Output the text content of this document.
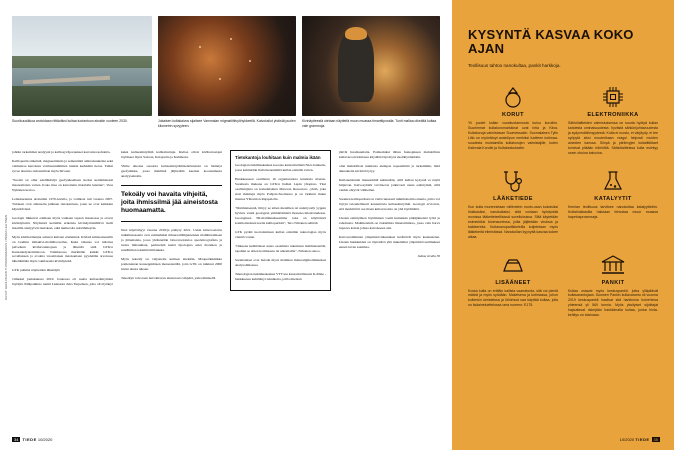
Suurikuusikkoa arvioidaan riittäväksi kultaa tuotantoon ainakin vuoteen 2030.	Jokaisen kultakaivos sijaitsee Vammalan migmatiittivyöhykkeellä. Kaivoksilot yhdistä puolen kilometrin syvyyteen.
Kivinäytteestä otetaan näytteitä muun muassa timanttiporalla. Tunti mallaa oikeältä kultaa vain grammoja.

johtiin tarkemmat analyysit ja kalliosyväporaukset kasvattaa kohdetta.

Kallioperän sitkeintä, magneettisinia ja sementintä ominaisuuksina sekä vaimentaa kerroksia voimaanruhtimen tuiskia kerkkään tietoa. Tuikit syvaa aluettaa tarkastellaan myös hiivaan.

"Suomi on ollut edelläkävijä geofysikaalisen tiedon keräämisessä maanomaista varten. Koko maa on kartoitettu matalalla lennäen", Vesa Nykänen kertoo.

Lemokaruutus aloitettiin 1970-luvulla, ja valmista tuli vuonna 2007. Tulokset ovat allensettu julkisen tietokantaan, joten ne ovat kaikkien käytettävissä.

Geologit liikkuvat edelleen myös vanhaan tapaan maastossa ja otavat kivinäytteitä. Näytteistä kerätään erikoisia kivinäyttönäälitvä tiedä maatilla analyytvät tuulokset, eikä numerolta sekväämeyrin.

Myös kivitharmanjat autterat kultaan etsinnässä. Kivistä kiinnostuneilla on laadittu Omakivi-mobiilisovellus. Kuka tahansa voi tallettaa palveluun kivihavainnojaan ja lähettää siitä GTK:n Kansanndyntoimistoon. Toimistossa merkitään kaikki GTK:n sovelluksen ja avointa vuosittaisen tietokantaan pyydetään arvoissaa lähettämään myös vamiasaala kivinäyteitä.

GTK palkitsi näytteiden lähettäjiä

viimeksi joulukuussa 2019. Joukossa oli aseita kultaesiintymien löytäjiä. Päälpaikinto niemi Lieksasta Juha Turpeinen, jolta oli löytänyt kaksi kultaesiintymää kalliomurtuja. Kultaa olivat kiviharrastajat löytäneet myös Salosta, Kalajoelta ja Kuhmosta.

Viime aikoina suosiota kultaesiintytämisentönteissä on lisännyt geofysiikka, jossa maiminä jäljitetään kaerien koonsumasta analyyseinalla.

Tekoäly voi havaita vihjeitä, joita ihmissilmä jää aineistosta huomaamatta.

Nest käyttömyyt vuonna 2018:ja päätyry 2021. Uusia kitnovostavia tutkimusaasatta ovat esimerkiksi mineraalilähjenteisien mahilintamisen ja jättamaisia, jossa yhdistetään laboratoriotulos speckttrografista ja tuotta mittaukisia, perinteistä kentä ilpologiaa sekä dronnien ja satelliittien tekemiä mittauksia.

Myös tekoäly on valjastettu kultaan sitekään. Maaperänkiitkka pomerennan konseppimisen menestestiltä, jotta GTK on tutkinut 2000 luvun alusta alkaen.

Tekoälyn toivotaan harvahtavan aineistosta vihjeitä, jotka ihmisellä

Tietokantoja louhitaan kuin malmia ikään

Geologian tutkimuskeskus koostaa kansainvälistä Nice-hanketta, jossa kehitetään lisää menetelmiä kullan etsintää varten.

Hankkeeseen osallistuu 16 organisaatiota kuudesta maasta. Suomesta mukana on GTK:n lisäksi Lapin yliopisto. Yksi osallistujista on kanadalainen Mawson Resources -yhtiö, joka etsii malmeja myös Pohjois-Suomessa ja on tarkinut muun muassa Ylitornion Rajapalolla.

"Malmietsennä, liittyy se sitten metallien tai uulattyoidy yyppin hyvinä, vaatii geologian ymmärtämistä monenocaiietavuudessa. Geologinen 3D-mallinnukseemme toiss on käyttöinvä koimiointoinen kartta kallioperästä", Tero Niiranen selittää.

GTK pyrkii tuottoitamaan kullan etsintäin teknologiaa myös vientiä varten.

"Oikeena kehittäiseet uusta osaamista tukemaan malmietsentää, tapahtui se sitten kotimaassa tai ulkomailla", Niiranen sanoo.

Suomalaiset ovat halodu myös malmien minerailgthoimiuksissi analysoimisessa.

Teknologian tutkimuskeskus VTT:ssa kansainvälisessä K-Mine -hankkeessa kehittänyt teknikoita, joilla mielaan

jäävät huomaamatta. Esimerkiksi tältun fuskojaksen mahdollisia kultavaroarvioimassa käydään läpi myös ekolähyöintäalla.

olisi mahdollista tunnistaa aiempaa nopeammin ja tarkemmin, mitä alkuaineita kivistä löytyy.

Kullanetsinnän menetelmiä kehitetään, sillä kullan kysyntä ei näytä hiipuvan. Kaivosyhtiöt tarvitsevat jatkuvasti uusia esiintymiä, sillä vanhat ehtyvät vähitellen.

Suomen kallioperässä on vielä runsaasti tutkimattomia alueita, joilta voi löytyä taloudellisesti kannattavia kultaesiintymiä. Geologit arvioivat, että merkittävä osa maan kultavaroista on yhä löytämättä.

Uusien esiintymien löytäminen vaatii kuitenkin pitkäjänteistä työtä ja rahoitusta. Malmietsintä on riskialtista liiketoimintaa, jossa vain harva lupaava kohde johtaa kaivokseen asti.

Kaivostoiminnan ympäristövaikutukset herättävät myös keskustelua. Uusien hankkeiden on täytettävä yhä tiukemmat ympäristövaatimukset ennen luvan saamista.

Jatkuu sivulla 36

KUVAT: GEOLOGIAN TUTKIMUSKESKUS / PEKKA LEHTINEN
34 TIEDE 10/2020
KYSYNTÄ KASVAA KOKO AJAN
Teollisuus tahtoo nanokultaa, pankit harkkoja.
KORUT
Yli puolet kullan vuosituotannosta kuluu koruihin. Suurimmat kultakorumarkkinat ovat Intia ja Kiina. Kultakoruja valmistavan Suomessakin. Suomalaisen Tylin Litto on myöntänyt avainlipun merkiksi tuotteen kotimaasuudesta muistamilla kultakorujen valmistajille, kuten Kalevala Korulle ja Kultakeskukselle.
ELEKTRONIIKKA
Sähkölaitteiden valmistuksessa on suurta hyötyä kullan kahdesta ominaisuudesta: hyvästä sähkönjohtavuudesta ja sydynmättömyydestä. Kulta ei ruostu, ei värjäydy, ei tee syöpytä siksi muuterikaan reagoi helposti muiden aineiden kanssa. Siinpä ja piirilevyjen kultalittöitaet toimivat pitkään häiriöittä. Sähkölaitteissa kulta esiintyy usein ohuina kalvoina.
LÄÄKETIEDE
Kun kulta murennetaan millimetrin murto-osan kokoisiksi hiukkasiksi, nanokullaksi, siitä voidaan hyödyntää monissa lääketieteellisissä sovelluksissa. Siitä käytetään esimerkiksi bioensureissa, joilla jäljitetään viruksia ja bakteereita. Kultananopartikkeleilla kuljetetaan myös lääkekeitä elimistössä. Nanokullan kyynyttä kasvaa kokee aikaa.
KATALYYTIT
Kemian teollisuus tarvitsee nanokultaa katalyytteihin. Kultahiukkasilla halutaan tehostaa muun muassa hapetusprosesseja.
LISÄÄNEET
Koska kulta on erittäin kallista vaarratonta, sitä voi pieniä määrä ja myös syödään. Makeisena ja kotimassa, johon kuitenkin keristeissa ja liiöörissä saa käyttää kultaa, jolla on lisäaineluettelossa oma numero: E175.
PANKIT
Kultaa ostavat myös keskuspankit, jotka ylläpitävät kultavarantojaan. Suomen Pankin kultavaranto oli vuonna 2019 keskuspankit haalivat sitä harkkoina holvehinsa yhteensä yli 560 tonnia. Myös yksityiset sijoittajat hajauttavat riskejään hankkimalla kultaa, jonka hintakehitys on toisinaan.
10/2020 TIEDE 35
